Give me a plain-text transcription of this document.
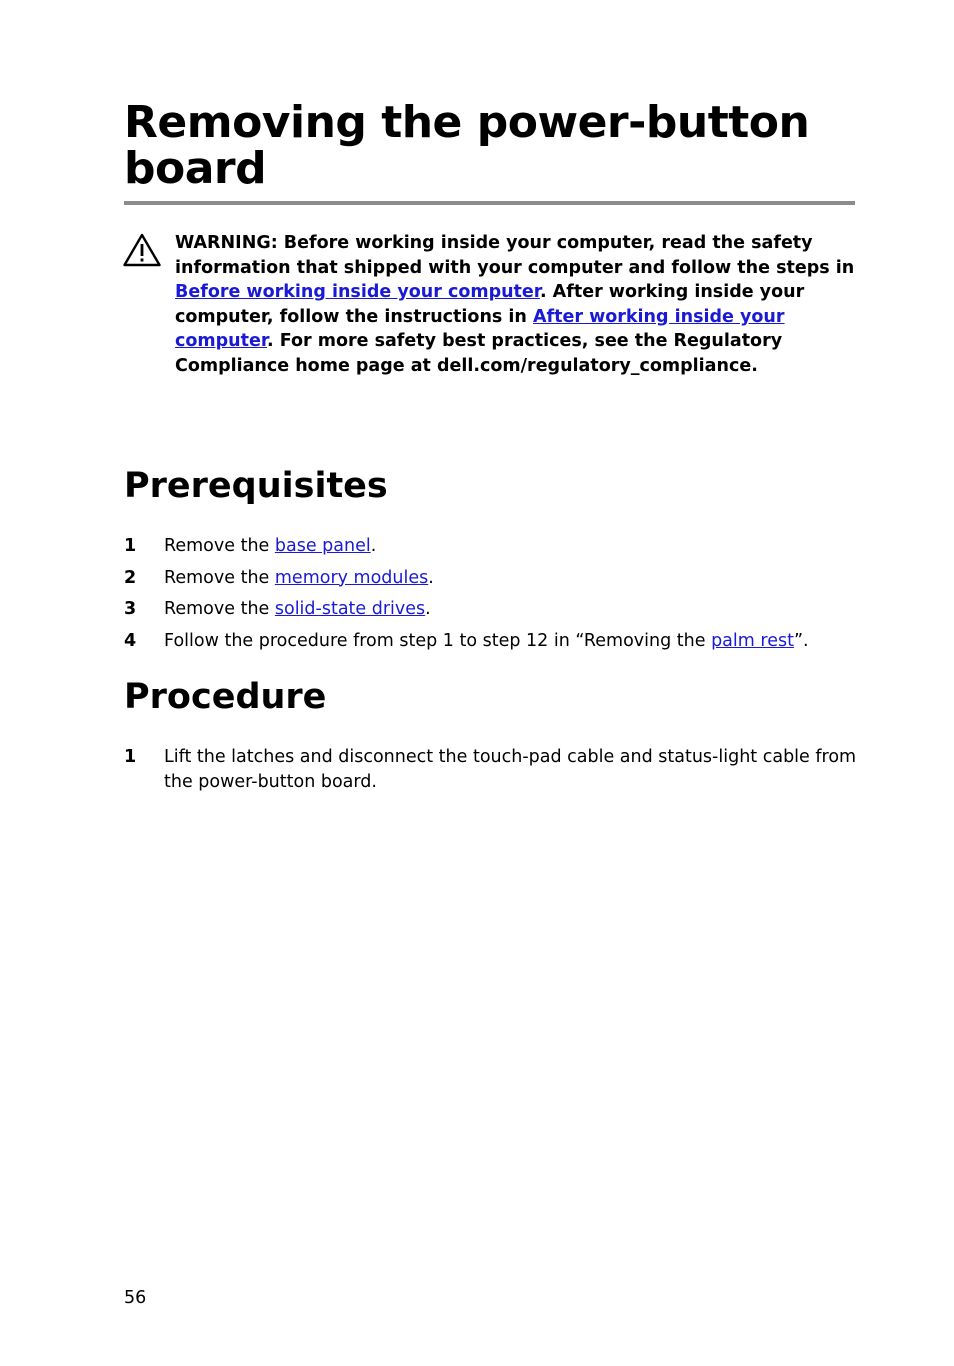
Removing the power-button board

WARNING: Before working inside your computer, read the safety information that shipped with your computer and follow the steps in Before working inside your computer. After working inside your computer, follow the instructions in After working inside your computer. For more safety best practices, see the Regulatory Compliance home page at dell.com/regulatory_compliance.

Prerequisites
1 Remove the base panel.
2 Remove the memory modules.
3 Remove the solid-state drives.
4 Follow the procedure from step 1 to step 12 in “Removing the palm rest”.
Procedure
1 Lift the latches and disconnect the touch-pad cable and status-light cable from the power-button board.
56
